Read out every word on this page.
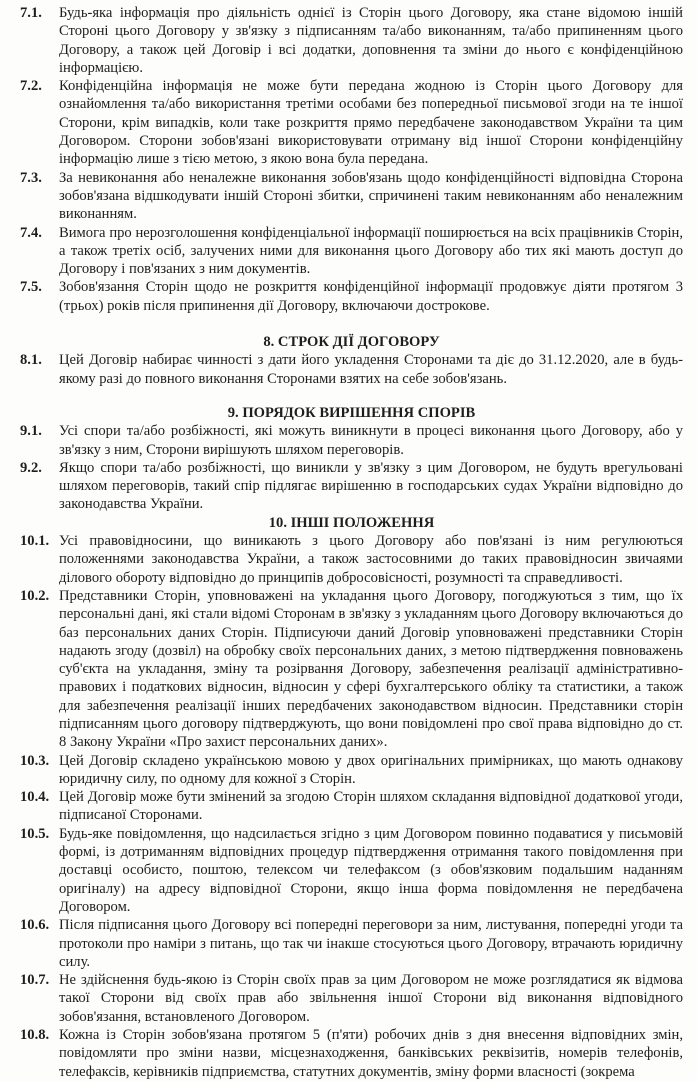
7.1.	Будь-яка інформація про діяльність однієї із Сторін цього Договору, яка стане відомою іншій Стороні цього Договору у зв'язку з підписанням та/або виконанням, та/або припиненням цього Договору, а також цей Договір і всі додатки, доповнення та зміни до нього є конфіденційною інформацією.
7.2.	Конфіденційна інформація не може бути передана жодною із Сторін цього Договору для ознайомлення та/або використання третіми особами без попередньої письмової згоди на те іншої Сторони, крім випадків, коли таке розкриття прямо передбачене законодавством України та цим Договором. Сторони зобов'язані використовувати отриману від іншої Сторони конфіденційну інформацію лише з тією метою, з якою вона була передана.
7.3.	За невиконання або неналежне виконання зобов'язань щодо конфіденційності відповідна Сторона зобов'язана відшкодувати іншій Стороні збитки, спричинені таким невиконанням або неналежним виконанням.
7.4.	Вимога про нерозголошення конфіденціальної інформації поширюється на всіх працівників Сторін, а також третіх осіб, залучених ними для виконання цього Договору або тих які мають доступ до Договору і пов'язаних з ним документів.
7.5.	Зобов'язання Сторін щодо не розкриття конфіденційної інформації продовжує діяти протягом 3 (трьох) років після припинення дії Договору, включаючи дострокове.
8. СТРОК ДІЇ ДОГОВОРУ
8.1.	Цей Договір набирає чинності з дати його укладення Сторонами та діє до 31.12.2020, але в будь-якому разі до повного виконання Сторонами взятих на себе зобов'язань.
9. ПОРЯДОК ВИРІШЕННЯ СПОРІВ
9.1.	Усі спори та/або розбіжності, які можуть виникнути в процесі виконання цього Договору, або у зв'язку з ним, Сторони вирішують шляхом переговорів.
9.2.	Якщо спори та/або розбіжності, що виникли у зв'язку з цим Договором, не будуть врегульовані шляхом переговорів, такий спір підлягає вирішенню в господарських судах України відповідно до законодавства України.
10. ІНШІ ПОЛОЖЕННЯ
10.1. Усі правовідносини, що виникають з цього Договору або пов'язані із ним регулюються положеннями законодавства України, а також застосовними до таких правовідносин звичаями ділового обороту відповідно до принципів добросовісності, розумності та справедливості.
10.2. Представники Сторін, уповноважені на укладання цього Договору, погоджуються з тим, що їх персональні дані, які стали відомі Сторонам в зв'язку з укладанням цього Договору включаються до баз персональних даних Сторін. Підписуючи даний Договір уповноважені представники Сторін надають згоду (дозвіл) на обробку своїх персональних даних, з метою підтвердження повноважень суб'єкта на укладання, зміну та розірвання Договору, забезпечення реалізації адміністративно-правових і податкових відносин, відносин у сфері бухгалтерського обліку та статистики, а також для забезпечення реалізації інших передбачених законодавством відносин. Представники сторін підписанням цього договору підтверджують, що вони повідомлені про свої права відповідно до ст. 8 Закону України «Про захист персональних даних».
10.3. Цей Договір складено українською мовою у двох оригінальних примірниках, що мають однакову юридичну силу, по одному для кожної з Сторін.
10.4. Цей Договір може бути змінений за згодою Сторін шляхом складання відповідної додаткової угоди, підписаної Сторонами.
10.5. Будь-яке повідомлення, що надсилається згідно з цим Договором повинно подаватися у письмовій формі, із дотриманням відповідних процедур підтвердження отримання такого повідомлення при доставці особисто, поштою, телексом чи телефаксом (з обов'язковим подальшим наданням оригіналу) на адресу відповідної Сторони, якщо інша форма повідомлення не передбачена Договором.
10.6. Після підписання цього Договору всі попередні переговори за ним, листування, попередні угоди та протоколи про наміри з питань, що так чи інакше стосуються цього Договору, втрачають юридичну силу.
10.7. Не здійснення будь-якою із Сторін своїх прав за цим Договором не може розглядатися як відмова такої Сторони від своїх прав або звільнення іншої Сторони від виконання відповідного зобов'язання, встановленого Договором.
10.8. Кожна із Сторін зобов'язана протягом 5 (п'яти) робочих днів з дня внесення відповідних змін, повідомляти про зміни назви, місцезнаходження, банківських реквізитів, номерів телефонів, телефаксів, керівників підприємства, статутних документів, зміну форми власності (зокрема
